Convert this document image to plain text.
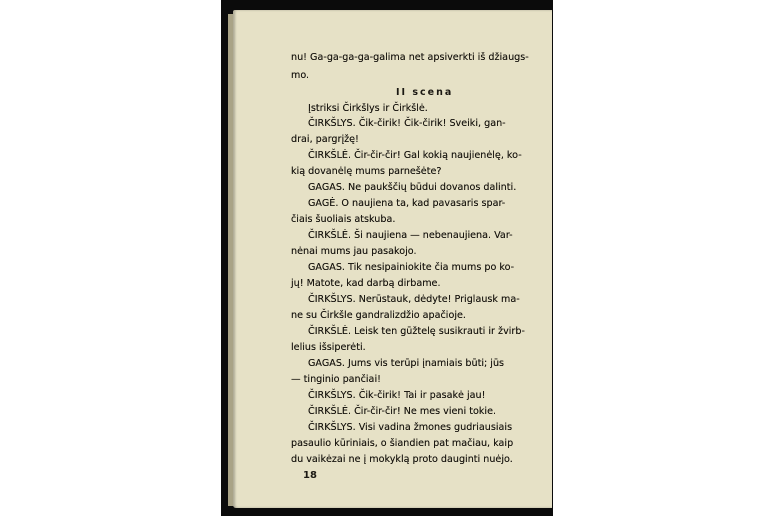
nu! Ga-ga-ga-ga-galima net apsiverkti iš džiaugs-
mo.
II scena
Įstriksi Čirkšlys ir Čirkšlė.
ČIRKŠLYS. Čik-čirik! Čik-čirik! Sveiki, gan-
drai, pargrįžę!
ČIRKŠLĖ. Čir-čir-čir! Gal kokią naujienėlę, ko-
kią dovanėlę mums parnešėte?
GAGAS. Ne paukščių būdui dovanos dalinti.
GAGĖ. O naujiena ta, kad pavasaris spar-
čiais šuoliais atskuba.
ČIRKŠLĖ. Ši naujiena — nebenaujiena. Var-
nėnai mums jau pasakojo.
GAGAS. Tik nesipainiokite čia mums po ko-
jų! Matote, kad darbą dirbame.
ČIRKŠLYS. Nerūstauk, dėdyte! Priglausk ma-
ne su Čirkšle gandralizdžio apačioje.
ČIRKŠLĖ. Leisk ten gūžtelę susikrauti ir žvirb-
lelius išsiperėti.
GAGAS. Jums vis terūpi įnamiais būti; jūs
— tinginio pančiai!
ČIRKŠLYS. Čik-čirik! Tai ir pasakė jau!
ČIRKŠLĖ. Čir-čir-čir! Ne mes vieni tokie.
ČIRKŠLYS. Visi vadina žmones gudriausiais
pasaulio kūriniais, o šiandien pat mačiau, kaip
du vaikėzai ne į mokyklą proto dauginti nuėjo.
18
